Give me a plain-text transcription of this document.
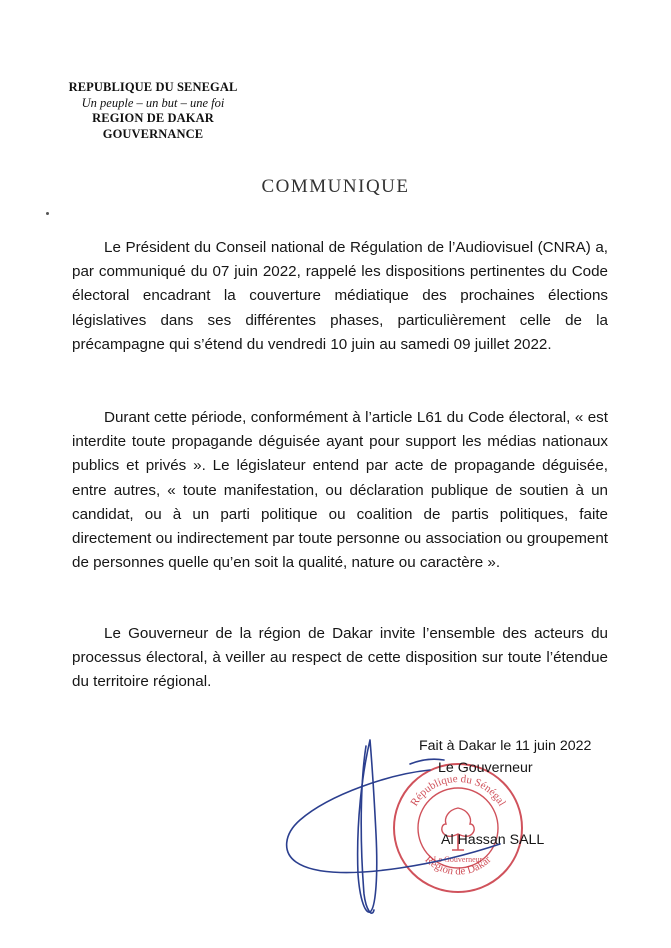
REPUBLIQUE DU SENEGAL
Un peuple – un but – une foi
REGION DE DAKAR
GOUVERNANCE
COMMUNIQUE

Le Président du Conseil national de Régulation de l’Audiovisuel (CNRA) a, par communiqué du 07 juin 2022, rappelé les dispositions pertinentes du Code électoral encadrant la couverture médiatique des prochaines élections législatives dans ses différentes phases, particulièrement celle de la précampagne qui s’étend du vendredi 10 juin au samedi 09 juillet 2022.

Durant cette période, conformément à l’article L61 du Code électoral, « est interdite toute propagande déguisée ayant pour support les médias nationaux publics et privés ». Le législateur entend par acte de propagande déguisée, entre autres, « toute manifestation, ou déclaration publique de soutien à un candidat, ou à un parti politique ou coalition de partis politiques, faite directement ou indirectement par toute personne ou association ou groupement de personnes quelle qu’en soit la qualité, nature ou caractère ».

Le Gouverneur de la région de Dakar invite l’ensemble des acteurs du processus électoral, à veiller au respect de cette disposition sur toute l’étendue du territoire régional.

République du Sénégal
Région de Dakar
Le Gouverneur
Fait à Dakar le 11 juin 2022
Le Gouverneur
Al Hassan SALL
